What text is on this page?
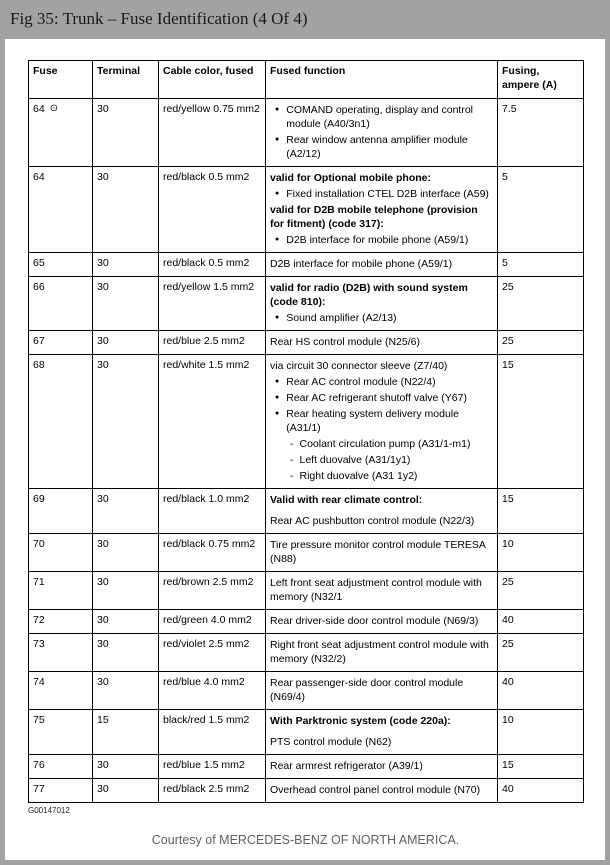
Fig 35: Trunk – Fuse Identification (4 Of 4)
Fuse	Terminal	Cable color, fused	Fused function	Fusing, ampere (A)
64 ⊙	30	red/yellow 0.75 mm2	● COMAND operating, display and control module (A40/3n1)
● Rear window antenna amplifier module (A2/12)	7.5
64	30	red/black 0.5 mm2	valid for Optional mobile phone:
● Fixed installation CTEL D2B interface (A59)
valid for D2B mobile telephone (provision for fitment) (code 317):
● D2B interface for mobile phone (A59/1)
	5
65	30	red/black 0.5 mm2	D2B interface for mobile phone (A59/1)	5
66	30	red/yellow 1.5 mm2	valid for radio (D2B) with sound system (code 810):
● Sound amplifier (A2/13)	25
67	30	red/blue 2.5 mm2	Rear HS control module (N25/6)	25
68	30	red/white 1.5 mm2	via circuit 30 connector sleeve (Z7/40)
● Rear AC control module (N22/4)
● Rear AC refrigerant shutoff valve (Y67)
● Rear heating system delivery module (A31/1)
- Coolant circulation pump (A31/1-m1)
- Left duovalve (A31/1y1)
- Right duovalve (A31 1y2)
	15
69	30	red/black 1.0 mm2	Valid with rear climate control:
Rear AC pushbutton control module (N22/3)	15
70	30	red/black 0.75 mm2	Tire pressure monitor control module TERESA (N88)	10
71	30	red/brown 2.5 mm2	Left front seat adjustment control module with memory (N32/1	25
72	30	red/green 4.0 mm2	Rear driver-side door control module (N69/3)	40
73	30	red/violet 2.5 mm2	Right front seat adjustment control module with memory (N32/2)	25
74	30	red/blue 4.0 mm2	Rear passenger-side door control module (N69/4)	40
75	15	black/red 1.5 mm2	With Parktronic system (code 220a):
PTS control module (N62)	10
76	30	red/blue 1.5 mm2	Rear armrest refrigerator (A39/1)	15
77	30	red/black 2.5 mm2	Overhead control panel control module (N70)	40
G00147012
Courtesy of MERCEDES-BENZ OF NORTH AMERICA.
